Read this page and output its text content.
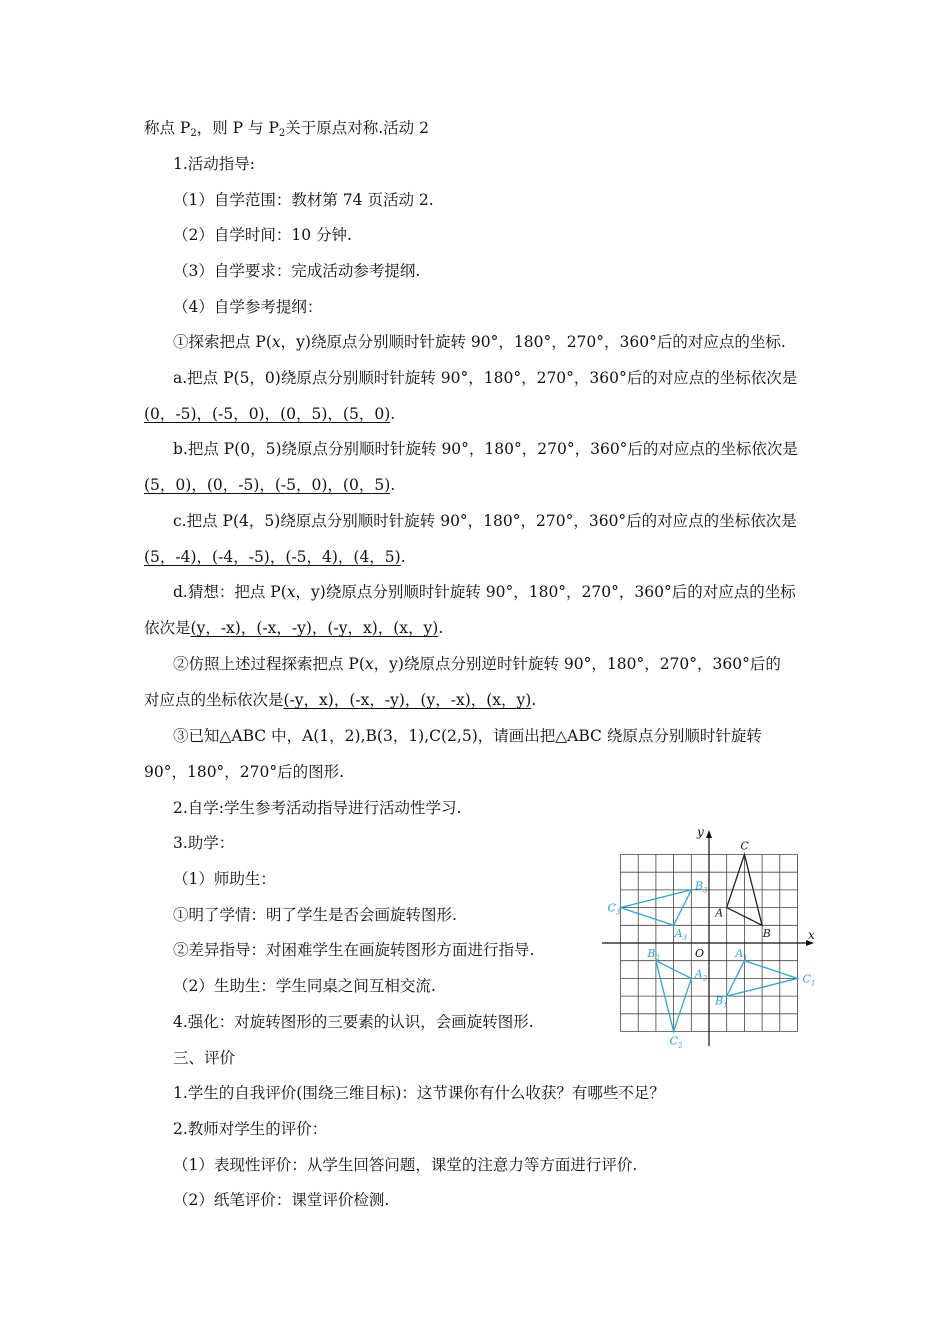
称点 $P_2$，则 P 与 $P_2$关于原点对称.活动 2
1.活动指导:
（1）自学范围：教材第 74 页活动 2.
（2）自学时间：10 分钟.
（3）自学要求：完成活动参考提纲.
（4）自学参考提纲：
①探索把点 P(x，y)绕原点分别顺时针旋转 90°，180°，270°，360°后的对应点的坐标.
a.把点 P(5，0)绕原点分别顺时针旋转 90°，180°，270°，360°后的对应点的坐标依次是
(0，-5)，(-5，0)，(0，5)，(5，0).
b.把点 P(0，5)绕原点分别顺时针旋转 90°，180°，270°，360°后的对应点的坐标依次是
(5，0)，(0，-5)，(-5，0)，(0，5).
c.把点 P(4，5)绕原点分别顺时针旋转 90°，180°，270°，360°后的对应点的坐标依次是
(5，-4)，(-4，-5)，(-5，4)，(4，5).
d.猜想：把点 P(x，y)绕原点分别顺时针旋转 90°，180°，270°，360°后的对应点的坐标
依次是(y，-x)，(-x，-y)，(-y，x)，(x，y).
②仿照上述过程探索把点 P(x，y)绕原点分别逆时针旋转 90°，180°，270°，360°后的
对应点的坐标依次是(-y，x)，(-x，-y)，(y，-x)，(x，y).
③已知△ABC 中，A(1，2),B(3，1),C(2,5)，请画出把△ABC 绕原点分别顺时针旋转
90°，180°，270°后的图形.
2.自学:学生参考活动指导进行活动性学习.
3.助学：
（1）师助生：
①明了学情：明了学生是否会画旋转图形.
②差异指导：对困难学生在画旋转图形方面进行指导.
（2）生助生：学生同桌之间互相交流.
4.强化：对旋转图形的三要素的认识，会画旋转图形.
三、评价
1.学生的自我评价(围绕三维目标)：这节课你有什么收获？有哪些不足？
2.教师对学生的评价：
（1）表现性评价：从学生回答问题，课堂的注意力等方面进行评价.
（2）纸笔评价：课堂评价检测.
x
y
O
A
B
C
$A_1$
$B_1$
$C_1$
$A_2$
$B_2$
$C_2$
$A_3$
$B_3$
$C_3$
